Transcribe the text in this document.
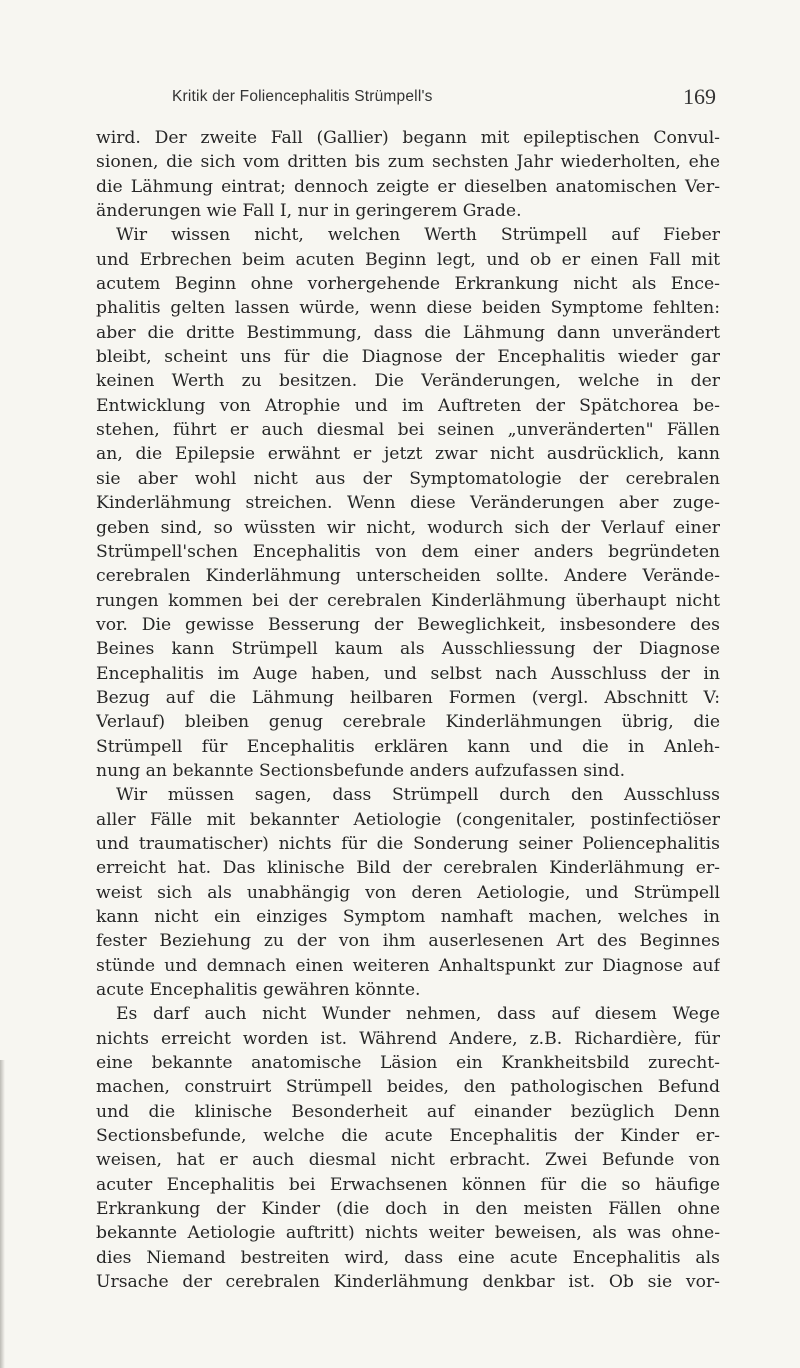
Kritik der Foliencephalitis Strümpell's	169
wird. Der zweite Fall (Gallier) begann mit epileptischen Convul-
sionen, die sich vom dritten bis zum sechsten Jahr wiederholten, ehe
die Lähmung eintrat; dennoch zeigte er dieselben anatomischen Ver-
änderungen wie Fall I, nur in geringerem Grade.
Wir wissen nicht, welchen Werth Strümpell auf Fieber
und Erbrechen beim acuten Beginn legt, und ob er einen Fall mit
acutem Beginn ohne vorhergehende Erkrankung nicht als Ence-
phalitis gelten lassen würde, wenn diese beiden Symptome fehlten:
aber die dritte Bestimmung, dass die Lähmung dann unverändert
bleibt, scheint uns für die Diagnose der Encephalitis wieder gar
keinen Werth zu besitzen. Die Veränderungen, welche in der
Entwicklung von Atrophie und im Auftreten der Spätchorea be-
stehen, führt er auch diesmal bei seinen „unveränderten" Fällen
an, die Epilepsie erwähnt er jetzt zwar nicht ausdrücklich, kann
sie aber wohl nicht aus der Symptomatologie der cerebralen
Kinderlähmung streichen. Wenn diese Veränderungen aber zuge-
geben sind, so wüssten wir nicht, wodurch sich der Verlauf einer
Strümpell'schen Encephalitis von dem einer anders begründeten
cerebralen Kinderlähmung unterscheiden sollte. Andere Verände-
rungen kommen bei der cerebralen Kinderlähmung überhaupt nicht
vor. Die gewisse Besserung der Beweglichkeit, insbesondere des
Beines kann Strümpell kaum als Ausschliessung der Diagnose
Encephalitis im Auge haben, und selbst nach Ausschluss der in
Bezug auf die Lähmung heilbaren Formen (vergl. Abschnitt V:
Verlauf) bleiben genug cerebrale Kinderlähmungen übrig, die
Strümpell für Encephalitis erklären kann und die in Anleh-
nung an bekannte Sectionsbefunde anders aufzufassen sind.
Wir müssen sagen, dass Strümpell durch den Ausschluss
aller Fälle mit bekannter Aetiologie (congenitaler, postinfectiöser
und traumatischer) nichts für die Sonderung seiner Poliencephalitis
erreicht hat. Das klinische Bild der cerebralen Kinderlähmung er-
weist sich als unabhängig von deren Aetiologie, und Strümpell
kann nicht ein einziges Symptom namhaft machen, welches in
fester Beziehung zu der von ihm auserlesenen Art des Beginnes
stünde und demnach einen weiteren Anhaltspunkt zur Diagnose auf
acute Encephalitis gewähren könnte.
Es darf auch nicht Wunder nehmen, dass auf diesem Wege
nichts erreicht worden ist. Während Andere, z.B. Richardière, für
eine bekannte anatomische Läsion ein Krankheitsbild zurecht-
machen, construirt Strümpell beides, den pathologischen Befund
und die klinische Besonderheit auf einander bezüglich Denn
Sectionsbefunde, welche die acute Encephalitis der Kinder er-
weisen, hat er auch diesmal nicht erbracht. Zwei Befunde von
acuter Encephalitis bei Erwachsenen können für die so häufige
Erkrankung der Kinder (die doch in den meisten Fällen ohne
bekannte Aetiologie auftritt) nichts weiter beweisen, als was ohne-
dies Niemand bestreiten wird, dass eine acute Encephalitis als
Ursache der cerebralen Kinderlähmung denkbar ist. Ob sie vor-
